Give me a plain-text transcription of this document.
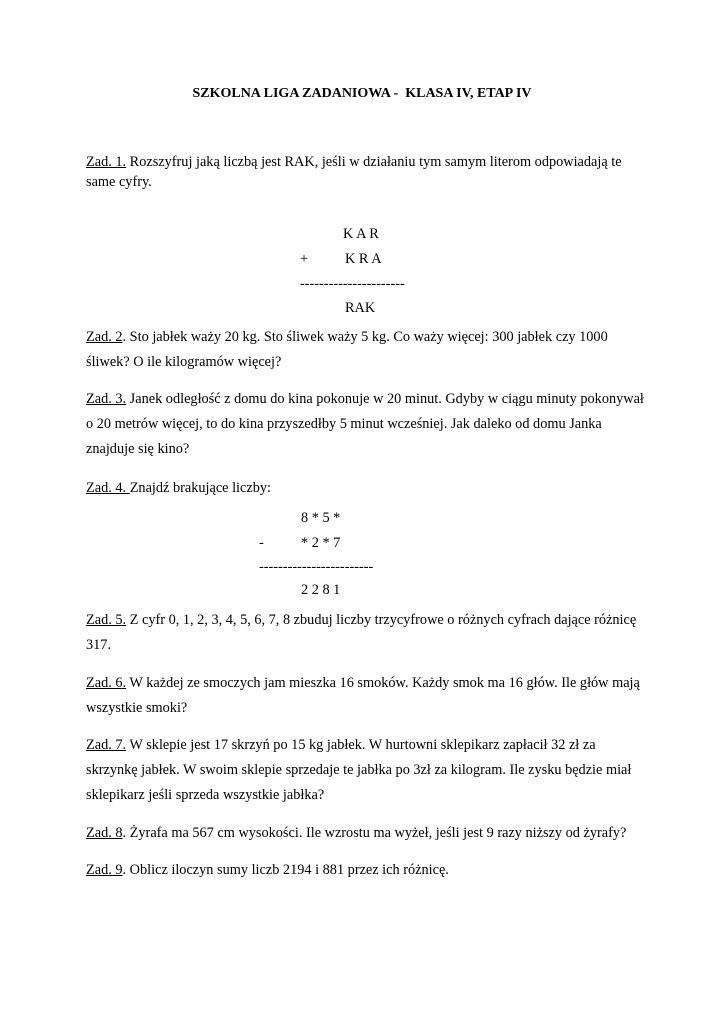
SZKOLNA LIGA ZADANIOWA -  KLASA IV, ETAP IV
Zad. 1. Rozszyfruj jaką liczbą jest RAK, jeśli w działaniu tym samym literom odpowiadają te same cyfry.
K A R
+	K R A
----------------------
RAK
Zad. 2. Sto jabłek waży 20 kg. Sto śliwek waży 5 kg. Co waży więcej: 300 jabłek czy 1000 śliwek? O ile kilogramów więcej?
Zad. 3. Janek odległość z domu do kina pokonuje w 20 minut. Gdyby w ciągu minuty pokonywał o 20 metrów więcej, to do kina przyszedłby 5 minut wcześniej. Jak daleko od domu Janka znajduje się kino?
Zad. 4. Znajdź brakujące liczby:
8 * 5 *
-	* 2 * 7
------------------------
2 2 8 1
Zad. 5. Z cyfr 0, 1, 2, 3, 4, 5, 6, 7, 8 zbuduj liczby trzycyfrowe o różnych cyfrach dające różnicę 317.
Zad. 6. W każdej ze smoczych jam mieszka 16 smoków. Każdy smok ma 16 głów. Ile głów mają wszystkie smoki?
Zad. 7. W sklepie jest 17 skrzyń po 15 kg jabłek. W hurtowni sklepikarz zapłacił 32 zł za skrzynkę jabłek. W swoim sklepie sprzedaje te jabłka po 3zł za kilogram. Ile zysku będzie miał sklepikarz jeśli sprzeda wszystkie jabłka?
Zad. 8. Żyrafa ma 567 cm wysokości. Ile wzrostu ma wyżeł, jeśli jest 9 razy niższy od żyrafy?
Zad. 9. Oblicz iloczyn sumy liczb 2194 i 881 przez ich różnicę.
